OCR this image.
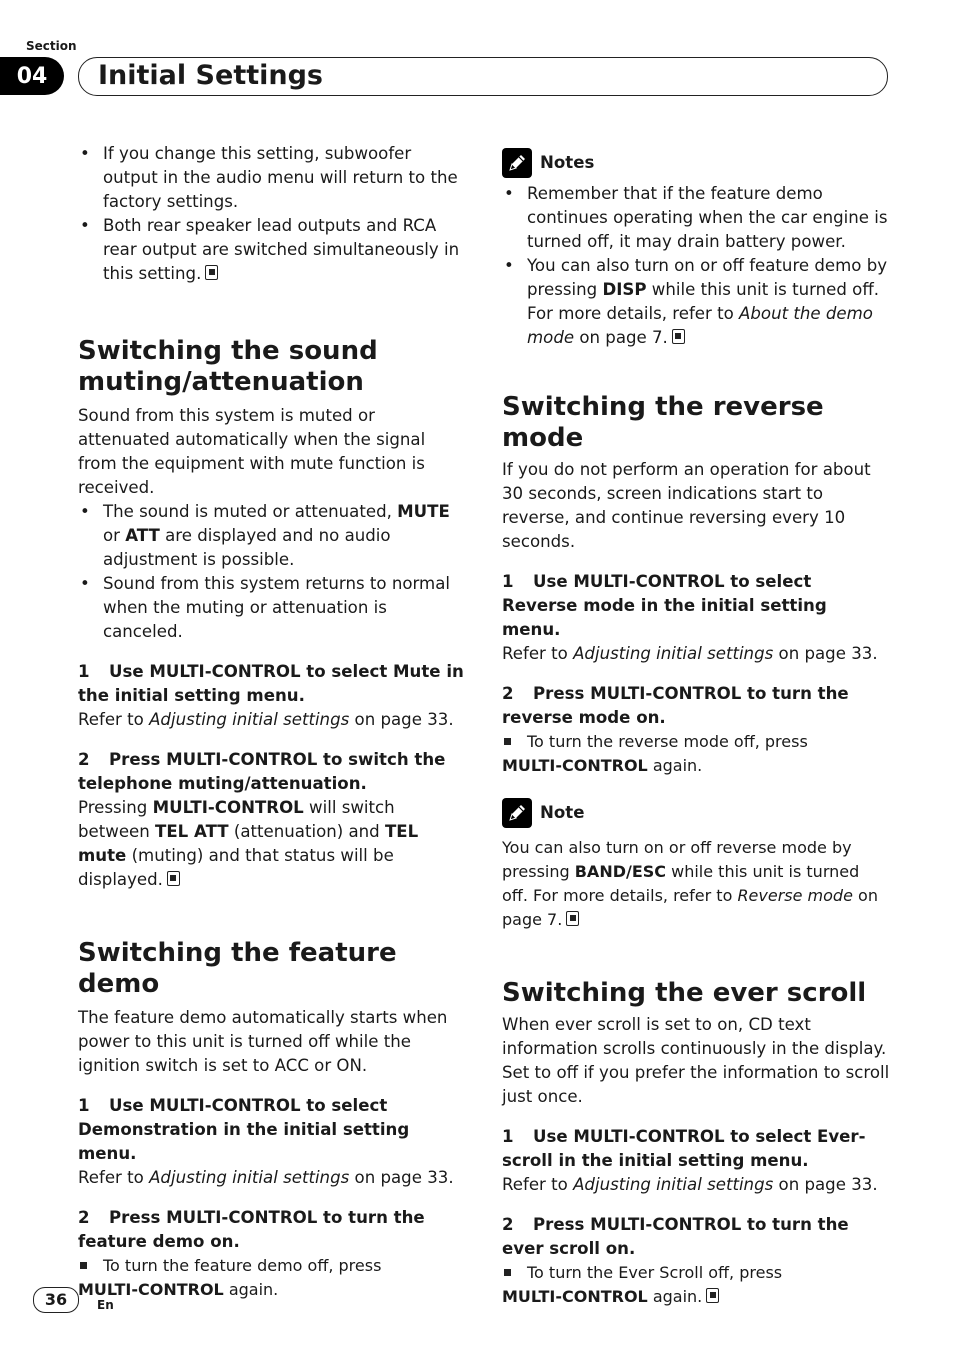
Section
04	Initial Settings
• If you change this setting, subwoofer output in the audio menu will return to the factory settings.
• Both rear speaker lead outputs and RCA rear output are switched simultaneously in this setting.
Switching the sound
muting/attenuation

Sound from this system is muted or attenuated automatically when the signal from the equipment with mute function is received.

• The sound is muted or attenuated, MUTE or ATT are displayed and no audio adjustment is possible.
• Sound from this system returns to normal when the muting or attenuation is canceled.

1 Use MULTI-CONTROL to select Mute in the initial setting menu.

Refer to Adjusting initial settings on page 33.

2 Press MULTI-CONTROL to switch the telephone muting/attenuation.

Pressing MULTI-CONTROL will switch between TEL ATT (attenuation) and TEL mute (muting) and that status will be displayed.

Switching the feature demo

The feature demo automatically starts when power to this unit is turned off while the ignition switch is set to ACC or ON.

1 Use MULTI-CONTROL to select Demonstration in the initial setting menu.

Refer to Adjusting initial settings on page 33.

2 Press MULTI-CONTROL to turn the feature demo on.

To turn the feature demo off, press

MULTI-CONTROL again.

Notes
• Remember that if the feature demo continues operating when the car engine is turned off, it may drain battery power.
• You can also turn on or off feature demo by pressing DISP while this unit is turned off. For more details, refer to About the demo mode on page 7.
Switching the reverse mode

If you do not perform an operation for about 30 seconds, screen indications start to reverse, and continue reversing every 10 seconds.

1 Use MULTI-CONTROL to select Reverse mode in the initial setting menu.

Refer to Adjusting initial settings on page 33.

2 Press MULTI-CONTROL to turn the reverse mode on.

To turn the reverse mode off, press

MULTI-CONTROL again.

Note

You can also turn on or off reverse mode by pressing BAND/ESC while this unit is turned off. For more details, refer to Reverse mode on page 7.

Switching the ever scroll

When ever scroll is set to on, CD text information scrolls continuously in the display. Set to off if you prefer the information to scroll just once.

1 Use MULTI-CONTROL to select Ever-scroll in the initial setting menu.

Refer to Adjusting initial settings on page 33.

2 Press MULTI-CONTROL to turn the ever scroll on.

To turn the Ever Scroll off, press

MULTI-CONTROL again.

36	En
